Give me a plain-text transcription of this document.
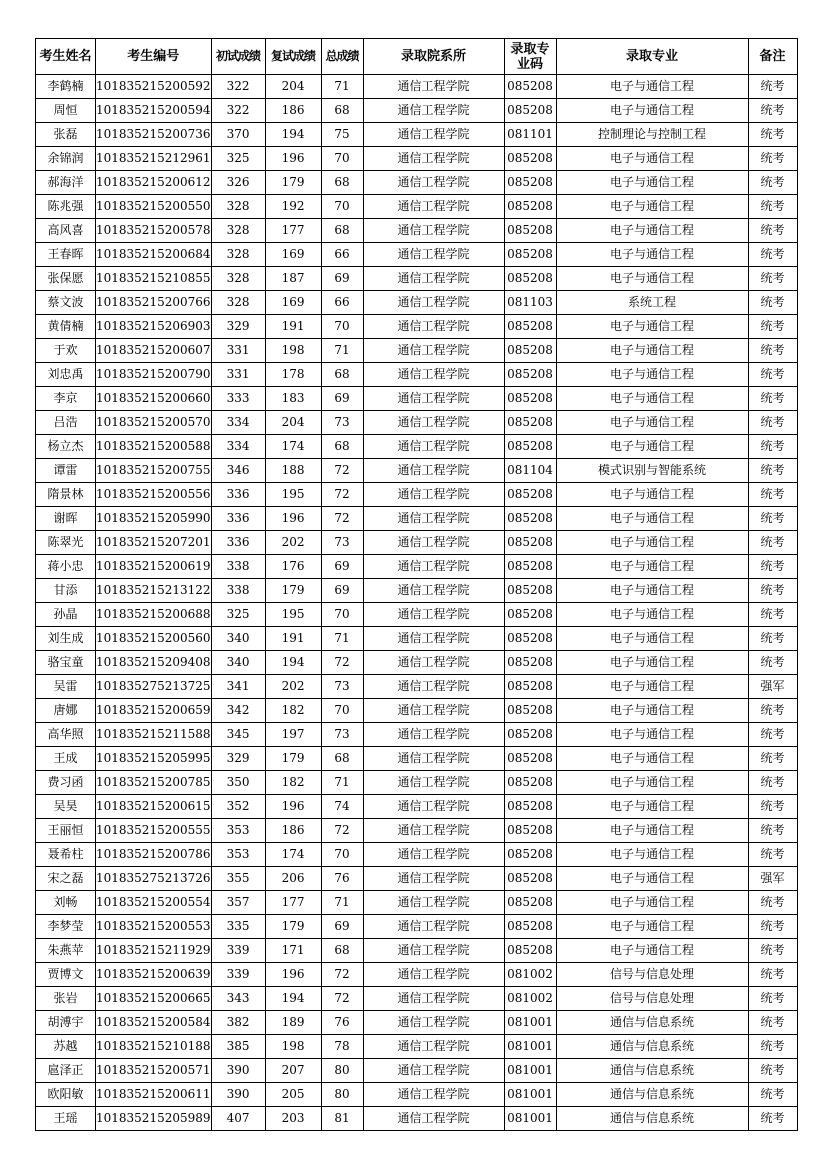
考生姓名	考生编号	初试成绩	复试成绩	总成绩	录取院系所	录取专业码	录取专业	备注
李鹤楠	101835215200592	322	204	71	通信工程学院	085208	电子与通信工程	统考
周恒	101835215200594	322	186	68	通信工程学院	085208	电子与通信工程	统考
张磊	101835215200736	370	194	75	通信工程学院	081101	控制理论与控制工程	统考
余锦润	101835215212961	325	196	70	通信工程学院	085208	电子与通信工程	统考
郝海洋	101835215200612	326	179	68	通信工程学院	085208	电子与通信工程	统考
陈兆强	101835215200550	328	192	70	通信工程学院	085208	电子与通信工程	统考
高风喜	101835215200578	328	177	68	通信工程学院	085208	电子与通信工程	统考
王春晖	101835215200684	328	169	66	通信工程学院	085208	电子与通信工程	统考
张保愿	101835215210855	328	187	69	通信工程学院	085208	电子与通信工程	统考
蔡文波	101835215200766	328	169	66	通信工程学院	081103	系统工程	统考
黄倩楠	101835215206903	329	191	70	通信工程学院	085208	电子与通信工程	统考
于欢	101835215200607	331	198	71	通信工程学院	085208	电子与通信工程	统考
刘忠禹	101835215200790	331	178	68	通信工程学院	085208	电子与通信工程	统考
李京	101835215200660	333	183	69	通信工程学院	085208	电子与通信工程	统考
吕浩	101835215200570	334	204	73	通信工程学院	085208	电子与通信工程	统考
杨立杰	101835215200588	334	174	68	通信工程学院	085208	电子与通信工程	统考
谭雷	101835215200755	346	188	72	通信工程学院	081104	模式识别与智能系统	统考
隋景林	101835215200556	336	195	72	通信工程学院	085208	电子与通信工程	统考
谢晖	101835215205990	336	196	72	通信工程学院	085208	电子与通信工程	统考
陈翠光	101835215207201	336	202	73	通信工程学院	085208	电子与通信工程	统考
蒋小忠	101835215200619	338	176	69	通信工程学院	085208	电子与通信工程	统考
甘添	101835215213122	338	179	69	通信工程学院	085208	电子与通信工程	统考
孙晶	101835215200688	325	195	70	通信工程学院	085208	电子与通信工程	统考
刘生成	101835215200560	340	191	71	通信工程学院	085208	电子与通信工程	统考
骆宝童	101835215209408	340	194	72	通信工程学院	085208	电子与通信工程	统考
吴雷	101835275213725	341	202	73	通信工程学院	085208	电子与通信工程	强军
唐娜	101835215200659	342	182	70	通信工程学院	085208	电子与通信工程	统考
高华照	101835215211588	345	197	73	通信工程学院	085208	电子与通信工程	统考
王成	101835215205995	329	179	68	通信工程学院	085208	电子与通信工程	统考
费习函	101835215200785	350	182	71	通信工程学院	085208	电子与通信工程	统考
吴昊	101835215200615	352	196	74	通信工程学院	085208	电子与通信工程	统考
王丽恒	101835215200555	353	186	72	通信工程学院	085208	电子与通信工程	统考
聂希柱	101835215200786	353	174	70	通信工程学院	085208	电子与通信工程	统考
宋之磊	101835275213726	355	206	76	通信工程学院	085208	电子与通信工程	强军
刘畅	101835215200554	357	177	71	通信工程学院	085208	电子与通信工程	统考
李梦莹	101835215200553	335	179	69	通信工程学院	085208	电子与通信工程	统考
朱燕苹	101835215211929	339	171	68	通信工程学院	085208	电子与通信工程	统考
贾博文	101835215200639	339	196	72	通信工程学院	081002	信号与信息处理	统考
张岩	101835215200665	343	194	72	通信工程学院	081002	信号与信息处理	统考
胡溥宇	101835215200584	382	189	76	通信工程学院	081001	通信与信息系统	统考
苏越	101835215210188	385	198	78	通信工程学院	081001	通信与信息系统	统考
扈泽正	101835215200571	390	207	80	通信工程学院	081001	通信与信息系统	统考
欧阳敏	101835215200611	390	205	80	通信工程学院	081001	通信与信息系统	统考
王瑶	101835215205989	407	203	81	通信工程学院	081001	通信与信息系统	统考
